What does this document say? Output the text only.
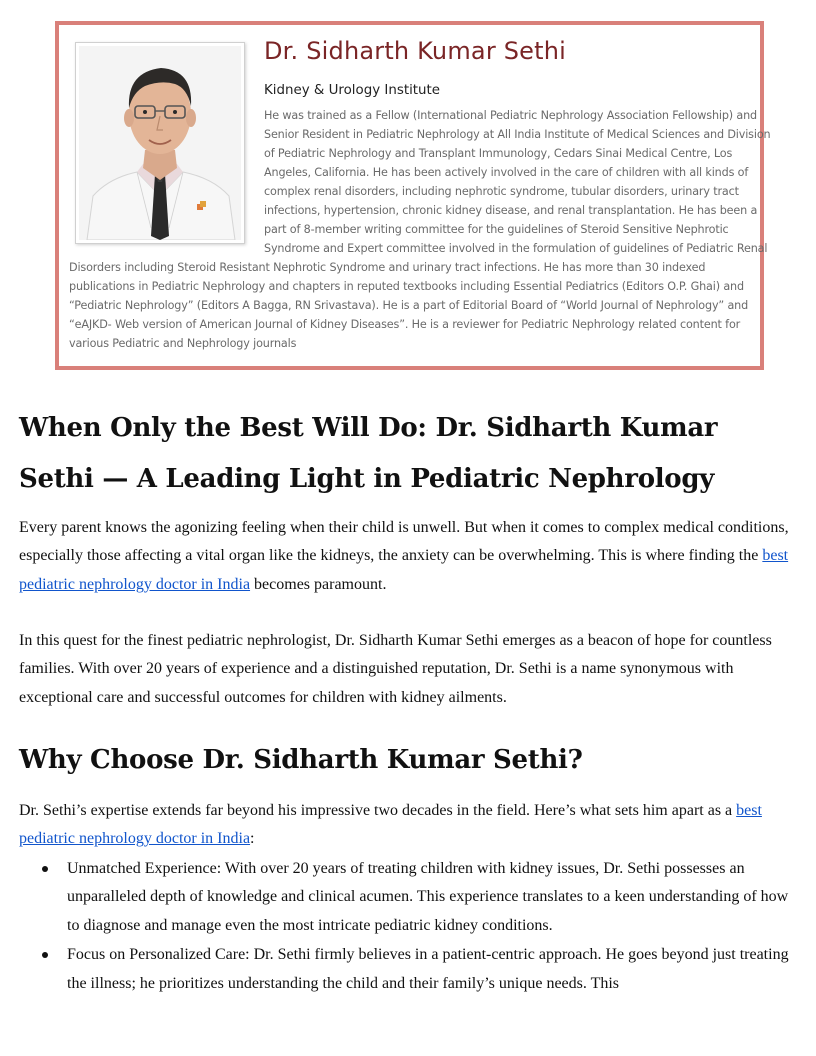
Dr. Sidharth Kumar Sethi

Kidney & Urology Institute

He was trained as a Fellow (International Pediatric Nephrology Association Fellowship) and

Senior Resident in Pediatric Nephrology at All India Institute of Medical Sciences and Division

of Pediatric Nephrology and Transplant Immunology, Cedars Sinai Medical Centre, Los

Angeles, California. He has been actively involved in the care of children with all kinds of

complex renal disorders, including nephrotic syndrome, tubular disorders, urinary tract

infections, hypertension, chronic kidney disease, and renal transplantation. He has been a

part of 8-member writing committee for the guidelines of Steroid Sensitive Nephrotic

Syndrome and Expert committee involved in the formulation of guidelines of Pediatric Renal

Disorders including Steroid Resistant Nephrotic Syndrome and urinary tract infections. He has more than 30 indexed

publications in Pediatric Nephrology and chapters in reputed textbooks including Essential Pediatrics (Editors O.P. Ghai) and

“Pediatric Nephrology” (Editors A Bagga, RN Srivastava). He is a part of Editorial Board of “World Journal of Nephrology” and

“eAJKD- Web version of American Journal of Kidney Diseases”. He is a reviewer for Pediatric Nephrology related content for

various Pediatric and Nephrology journals

When Only the Best Will Do: Dr. Sidharth Kumar Sethi — A Leading Light in Pediatric Nephrology

Every parent knows the agonizing feeling when their child is unwell. But when it comes to complex medical conditions, especially those affecting a vital organ like the kidneys, the anxiety can be overwhelming. This is where finding the best pediatric nephrology doctor in India becomes paramount.

In this quest for the finest pediatric nephrologist, Dr. Sidharth Kumar Sethi emerges as a beacon of hope for countless families. With over 20 years of experience and a distinguished reputation, Dr. Sethi is a name synonymous with exceptional care and successful outcomes for children with kidney ailments.

Why Choose Dr. Sidharth Kumar Sethi?

Dr. Sethi’s expertise extends far beyond his impressive two decades in the field. Here’s what sets him apart as a best pediatric nephrology doctor in India:

Unmatched Experience: With over 20 years of treating children with kidney issues, Dr. Sethi possesses an unparalleled depth of knowledge and clinical acumen. This experience translates to a keen understanding of how to diagnose and manage even the most intricate pediatric kidney conditions.
Focus on Personalized Care: Dr. Sethi firmly believes in a patient-centric approach. He goes beyond just treating the illness; he prioritizes understanding the child and their family’s unique needs. This
